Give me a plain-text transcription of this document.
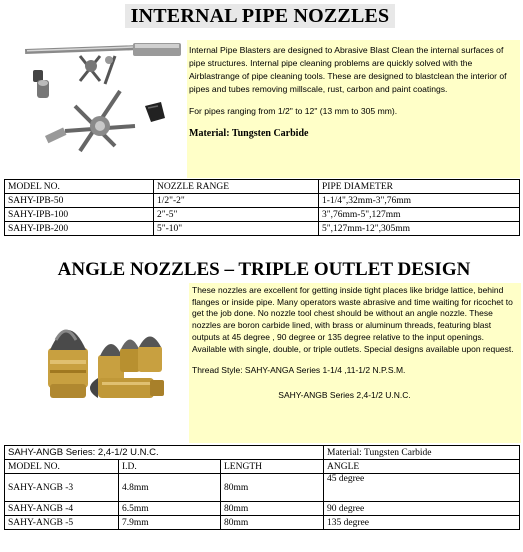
INTERNAL PIPE NOZZLES

Internal Pipe Blasters are designed to Abrasive Blast Clean the internal surfaces of pipe structures. Internal pipe cleaning problems are quickly solved with the Airblastrange of pipe cleaning tools. These are designed to blastclean the interior of pipes and tubes removing millscale, rust, carbon and paint coatings.

For pipes ranging from 1/2" to 12" (13 mm to 305 mm).

Material: Tungsten Carbide

MODEL NO.	NOZZLE RANGE	PIPE DIAMETER
SAHY-IPB-50	1/2"-2"	1-1/4",32mm-3",76mm
SAHY-IPB-100	2"-5"	3",76mm-5",127mm
SAHY-IPB-200	5"-10"	5",127mm-12",305mm
ANGLE NOZZLES – TRIPLE OUTLET DESIGN

These nozzles are excellent for getting inside tight places like bridge lattice, behind flanges or inside pipe. Many operators waste abrasive and time waiting for ricochet to get the job done. No nozzle tool chest should be without an angle nozzle. These nozzles are boron carbide lined, with brass or aluminum threads, featuring blast outputs at 45 degree , 90 degree or 135 degree relative to the input openings. Available with single, double, or triple outlets. Special designs available upon request.

Thread Style: SAHY-ANGA Series 1-1/4 ,11-1/2 N.P.S.M.

SAHY-ANGB Series 2,4-1/2 U.N.C.

SAHY-ANGB Series: 2,4-1/2 U.N.C.			Material: Tungsten Carbide
MODEL NO.	I.D.	LENGTH	ANGLE
SAHY-ANGB -3	4.8mm	80mm	45 degree
SAHY-ANGB -4	6.5mm	80mm	90 degree
SAHY-ANGB -5	7.9mm	80mm	135 degree
